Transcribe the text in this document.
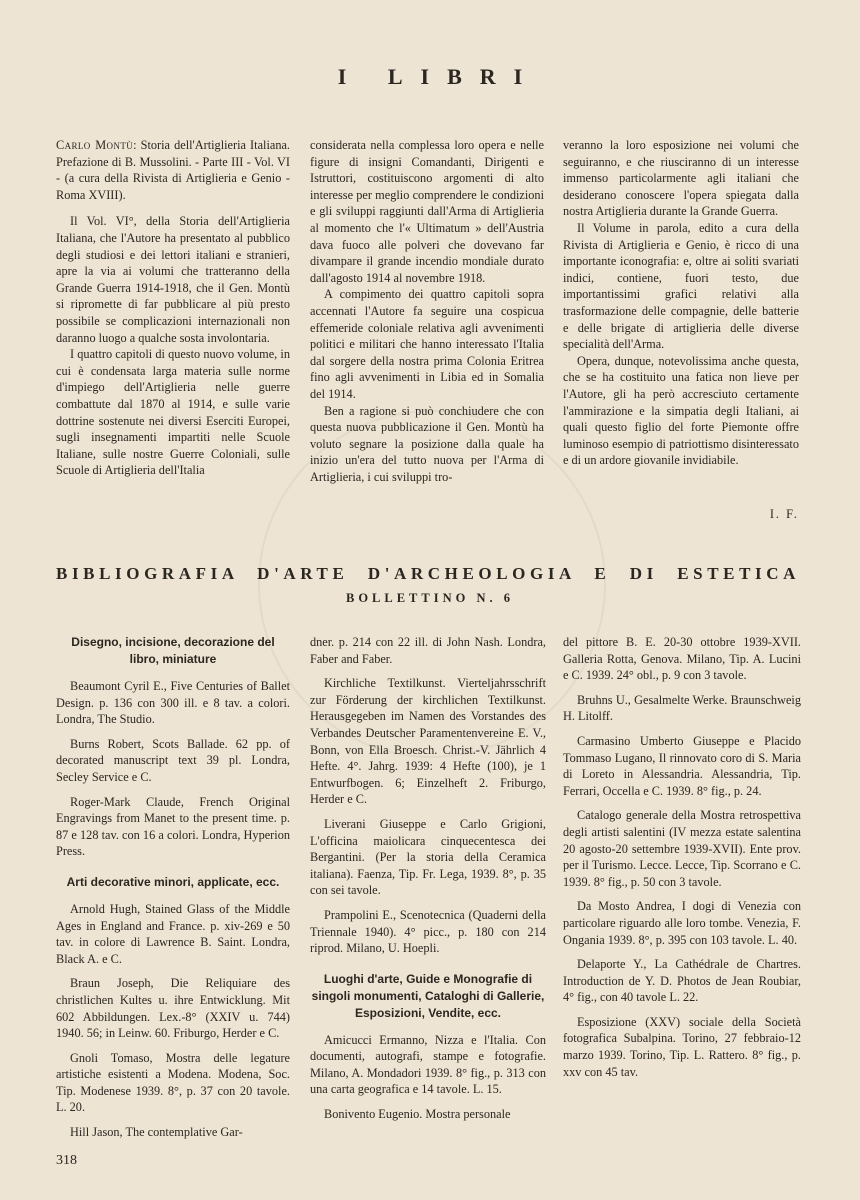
I LIBRI

Carlo Montù: Storia dell'Artiglieria Italiana. Prefazione di B. Mussolini. - Parte III - Vol. VI - (a cura della Rivista di Artiglieria e Genio - Roma XVIII).

Il Vol. VI°, della Storia dell'Artiglieria Italiana, che l'Autore ha presentato al pubblico degli studiosi e dei lettori italiani e stranieri, apre la via ai volumi che tratteranno della Grande Guerra 1914-1918, che il Gen. Montù si ripromette di far pubblicare al più presto possibile se complicazioni internazionali non daranno luogo a qualche sosta involontaria.

I quattro capitoli di questo nuovo volume, in cui è condensata larga materia sulle norme d'impiego dell'Artiglieria nelle guerre combattute dal 1870 al 1914, e sulle varie dottrine sostenute nei diversi Eserciti Europei, sugli insegnamenti impartiti nelle Scuole Italiane, sulle nostre Guerre Coloniali, sulle Scuole di Artiglieria dell'Italia

considerata nella complessa loro opera e nelle figure di insigni Comandanti, Dirigenti e Istruttori, costituiscono argomenti di alto interesse per meglio comprendere le condizioni e gli sviluppi raggiunti dall'Arma di Artiglieria al momento che l'« Ultimatum » dell'Austria dava fuoco alle polveri che dovevano far divampare il grande incendio mondiale durato dall'agosto 1914 al novembre 1918.

A compimento dei quattro capitoli sopra accennati l'Autore fa seguire una cospicua effemeride coloniale relativa agli avvenimenti politici e militari che hanno interessato l'Italia dal sorgere della nostra prima Colonia Eritrea fino agli avvenimenti in Libia ed in Somalia del 1914.

Ben a ragione si può conchiudere che con questa nuova pubblicazione il Gen. Montù ha voluto segnare la posizione dalla quale ha inizio un'era del tutto nuova per l'Arma di Artiglieria, i cui sviluppi tro-

veranno la loro esposizione nei volumi che seguiranno, e che riusciranno di un interesse immenso particolarmente agli italiani che desiderano conoscere l'opera spiegata dalla nostra Artiglieria durante la Grande Guerra.

Il Volume in parola, edito a cura della Rivista di Artiglieria e Genio, è ricco di una importante iconografia: e, oltre ai soliti svariati indici, contiene, fuori testo, due importantissimi grafici relativi alla trasformazione delle compagnie, delle batterie e delle brigate di artiglieria delle diverse specialità dell'Arma.

Opera, dunque, notevolissima anche questa, che se ha costituito una fatica non lieve per l'Autore, gli ha però accresciuto certamente l'ammirazione e la simpatia degli Italiani, ai quali questo figlio del forte Piemonte offre luminoso esempio di patriottismo disinteressato e di un ardore giovanile invidiabile.

I. F.
BIBLIOGRAFIA D'ARTE D'ARCHEOLOGIA E DI ESTETICA
BOLLETTINO N. 6

Disegno, incisione, decorazione del libro, miniature

Beaumont Cyril E., Five Centuries of Ballet Design. p. 136 con 300 ill. e 8 tav. a colori. Londra, The Studio.

Burns Robert, Scots Ballade. 62 pp. of decorated manuscript text 39 pl. Londra, Secley Service e C.

Roger-Mark Claude, French Original Engravings from Manet to the present time. p. 87 e 128 tav. con 16 a colori. Londra, Hyperion Press.

Arti decorative minori, applicate, ecc.

Arnold Hugh, Stained Glass of the Middle Ages in England and France. p. xiv-269 e 50 tav. in colore di Lawrence B. Saint. Londra, Black A. e C.

Braun Joseph, Die Reliquiare des christlichen Kultes u. ihre Entwicklung. Mit 602 Abbildungen. Lex.-8° (XXIV u. 744) 1940. 56; in Leinw. 60. Friburgo, Herder e C.

Gnoli Tomaso, Mostra delle legature artistiche esistenti a Modena. Modena, Soc. Tip. Modenese 1939. 8°, p. 37 con 20 tavole. L. 20.

Hill Jason, The contemplative Gar-

dner. p. 214 con 22 ill. di John Nash. Londra, Faber and Faber.

Kirchliche Textilkunst. Vierteljahrsschrift zur Förderung der kirchlichen Textilkunst. Herausgegeben im Namen des Vorstandes des Verbandes Deutscher Paramentenvereine E. V., Bonn, von Ella Broesch. Christ.-V. Jährlich 4 Hefte. 4°. Jahrg. 1939: 4 Hefte (100), je 1 Entwurfbogen. 6; Einzelheft 2. Friburgo, Herder e C.

Liverani Giuseppe e Carlo Grigioni, L'officina maiolicara cinquecentesca dei Bergantini. (Per la storia della Ceramica italiana). Faenza, Tip. Fr. Lega, 1939. 8°, p. 35 con sei tavole.

Prampolini E., Scenotecnica (Quaderni della Triennale 1940). 4° picc., p. 180 con 214 riprod. Milano, U. Hoepli.

Luoghi d'arte, Guide e Monografie di singoli monumenti, Cataloghi di Gallerie, Esposizioni, Vendite, ecc.

Amicucci Ermanno, Nizza e l'Italia. Con documenti, autografi, stampe e fotografie. Milano, A. Mondadori 1939. 8° fig., p. 313 con una carta geografica e 14 tavole. L. 15.

Bonivento Eugenio. Mostra personale

del pittore B. E. 20-30 ottobre 1939-XVII. Galleria Rotta, Genova. Milano, Tip. A. Lucini e C. 1939. 24° obl., p. 9 con 3 tavole.

Bruhns U., Gesalmelte Werke. Braunschweig H. Litolff.

Carmasino Umberto Giuseppe e Placido Tommaso Lugano, Il rinnovato coro di S. Maria di Loreto in Alessandria. Alessandria, Tip. Ferrari, Occella e C. 1939. 8° fig., p. 24.

Catalogo generale della Mostra retrospettiva degli artisti salentini (IV mezza estate salentina 20 agosto-20 settembre 1939-XVII). Ente prov. per il Turismo. Lecce. Lecce, Tip. Scorrano e C. 1939. 8° fig., p. 50 con 3 tavole.

Da Mosto Andrea, I dogi di Venezia con particolare riguardo alle loro tombe. Venezia, F. Ongania 1939. 8°, p. 395 con 103 tavole. L. 40.

Delaporte Y., La Cathédrale de Chartres. Introduction de Y. D. Photos de Jean Roubiar, 4° fig., con 40 tavole L. 22.

Esposizione (XXV) sociale della Società fotografica Subalpina. Torino, 27 febbraio-12 marzo 1939. Torino, Tip. L. Rattero. 8° fig., p. xxv con 45 tav.

318
